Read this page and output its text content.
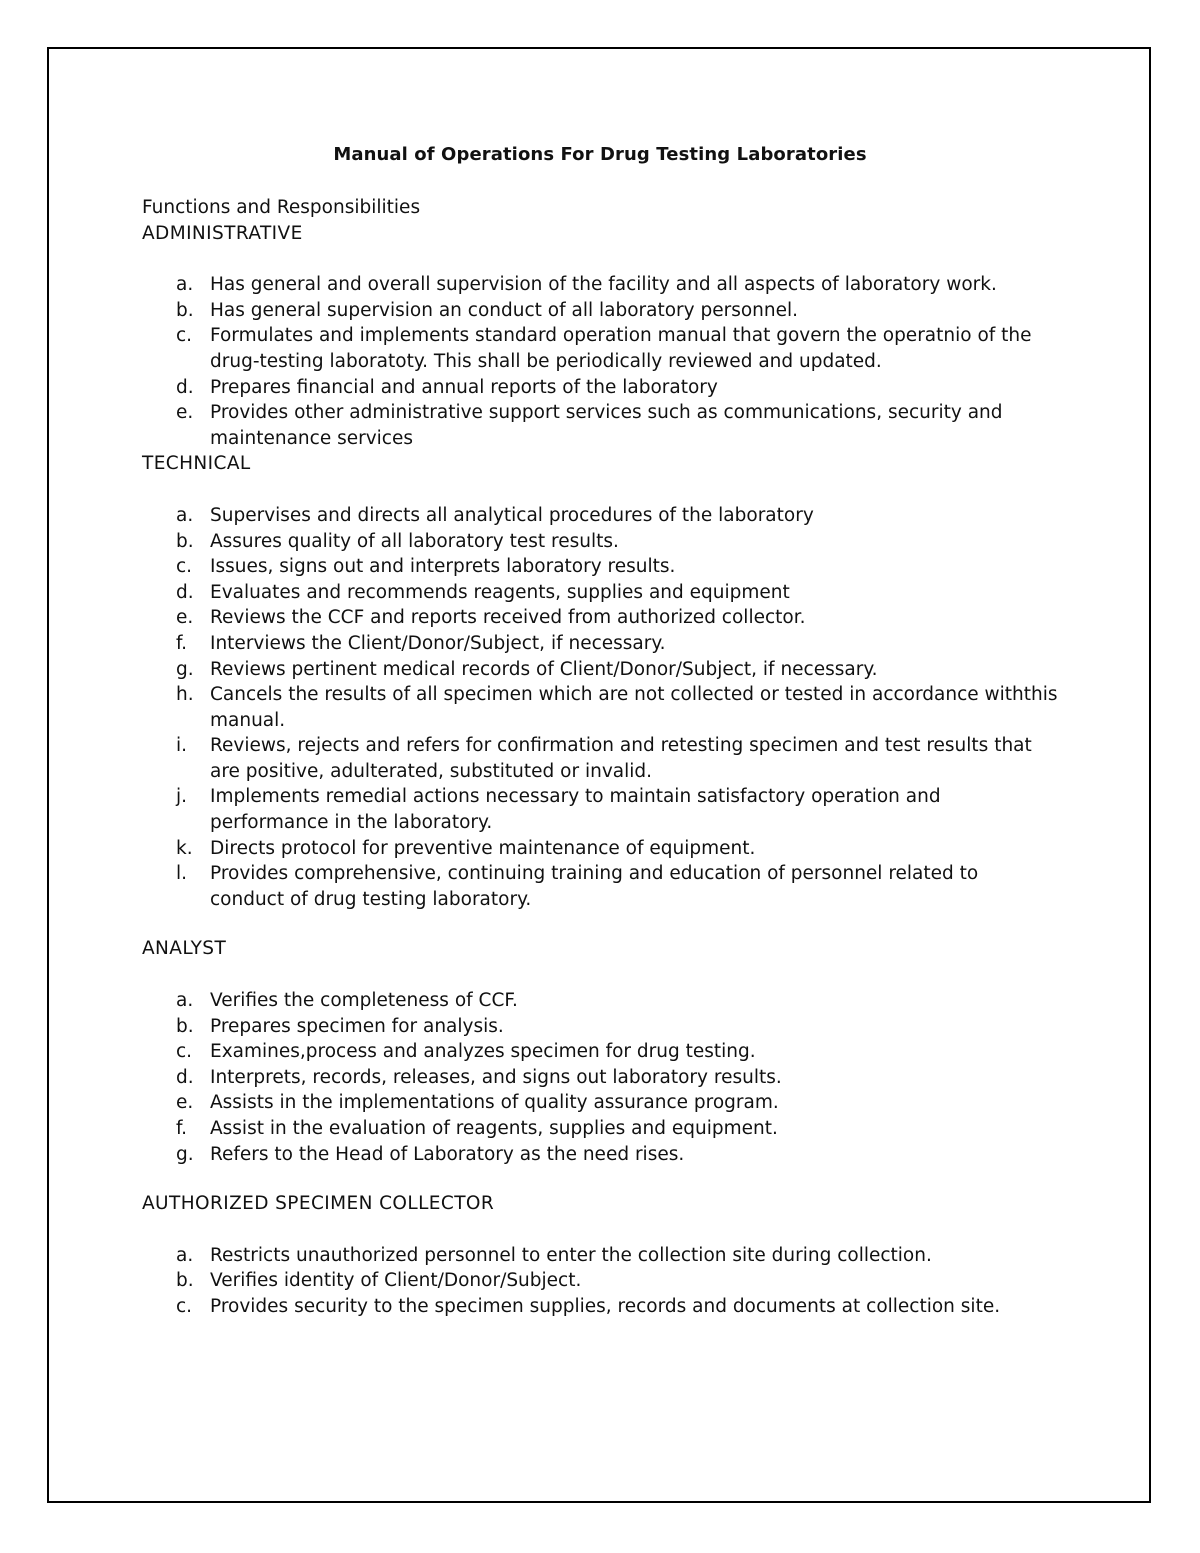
Manual of Operations For Drug Testing Laboratories

Functions and Responsibilities

ADMINISTRATIVE

a. Has general and overall supervision of the facility and all aspects of laboratory work.
b. Has general supervision an conduct of all laboratory personnel.
c. Formulates and implements standard operation manual that govern the operatnio of the drug-testing laboratoty. This shall be periodically reviewed and updated.
d. Prepares financial and annual reports of the laboratory
e. Provides other administrative support services such as communications, security and maintenance services

TECHNICAL

a. Supervises and directs all analytical procedures of the laboratory
b. Assures quality of all laboratory test results.
c. Issues, signs out and interprets laboratory results.
d. Evaluates and recommends reagents, supplies and equipment
e. Reviews the CCF and reports received from authorized collector.
f.	Interviews the Client/Donor/Subject, if necessary.
g. Reviews pertinent medical records of Client/Donor/Subject, if necessary.
h. Cancels the results of all specimen which are not collected or tested in accordance withthis manual.
i.	Reviews, rejects and refers for confirmation and retesting specimen and test results that are positive, adulterated, substituted or invalid.
j.	Implements remedial actions necessary to maintain satisfactory operation and performance in the laboratory.
k. Directs protocol for preventive maintenance of equipment.
l.	Provides comprehensive, continuing training and education of personnel related to conduct of drug testing laboratory.

ANALYST

a. Verifies the completeness of CCF.
b. Prepares specimen for analysis.
c. Examines,process and analyzes specimen for drug testing.
d. Interprets, records, releases, and signs out laboratory results.
e. Assists in the implementations of quality assurance program.
f.	Assist in the evaluation of reagents, supplies and equipment.
g. Refers to the Head of Laboratory as the need rises.

AUTHORIZED SPECIMEN COLLECTOR

a. Restricts unauthorized personnel to enter the collection site during collection.
b. Verifies identity of Client/Donor/Subject.
c. Provides security to the specimen supplies, records and documents at collection site.
